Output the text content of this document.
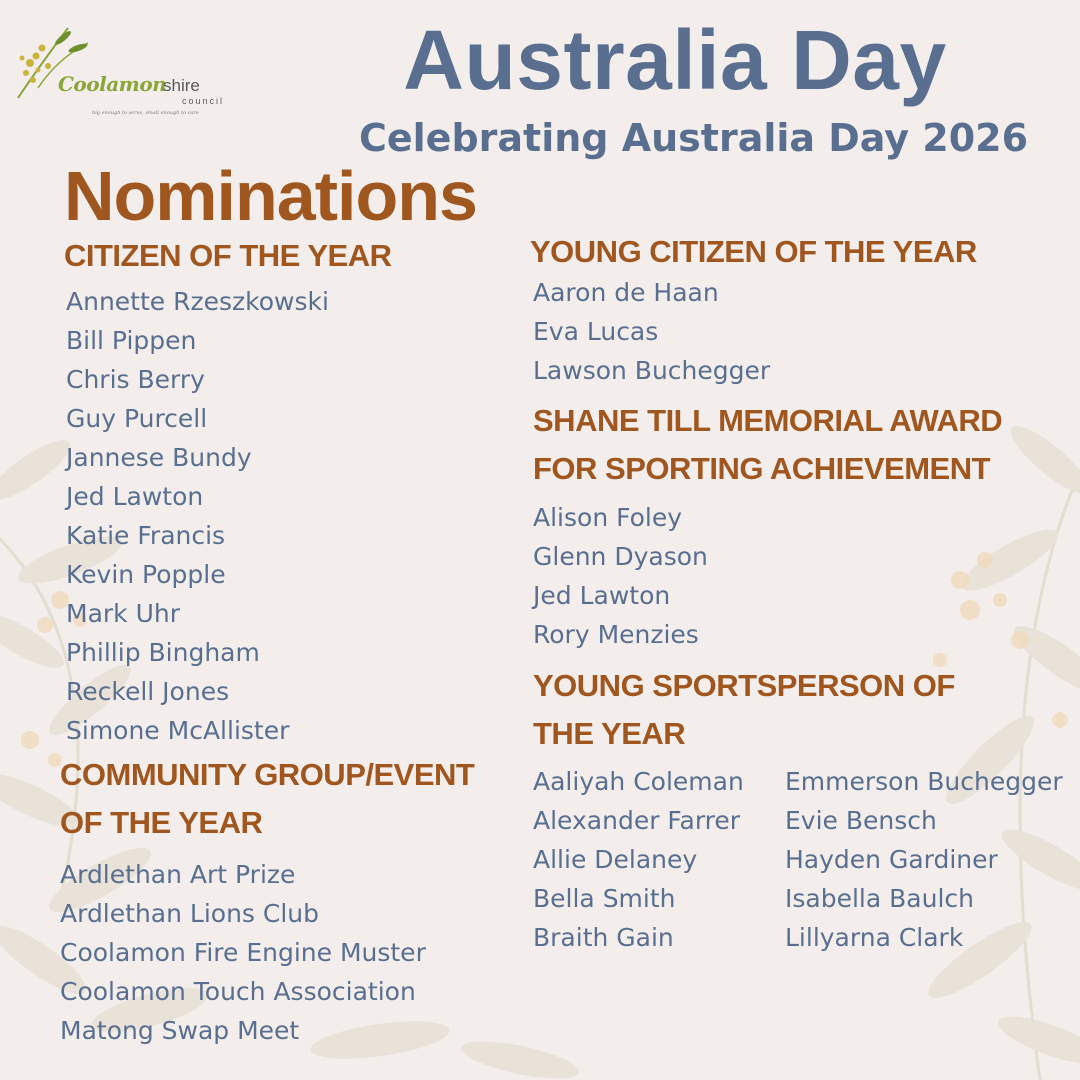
Coolamon
shire
council
big enough to serve, small enough to care
Australia Day
Celebrating Australia Day 2026
Nominations
CITIZEN OF THE YEAR
Annette Rzeszkowski
Bill Pippen
Chris Berry
Guy Purcell
Jannese Bundy
Jed Lawton
Katie Francis
Kevin Popple
Mark Uhr
Phillip Bingham
Reckell Jones
Simone McAllister
COMMUNITY GROUP/EVENT
OF THE YEAR
Ardlethan Art Prize
Ardlethan Lions Club
Coolamon Fire Engine Muster
Coolamon Touch Association
Matong Swap Meet
YOUNG CITIZEN OF THE YEAR
Aaron de Haan
Eva Lucas
Lawson Buchegger
SHANE TILL MEMORIAL AWARD
FOR SPORTING ACHIEVEMENT
Alison Foley
Glenn Dyason
Jed Lawton
Rory Menzies
YOUNG SPORTSPERSON OF
THE YEAR
Aaliyah Coleman
Alexander Farrer
Allie Delaney
Bella Smith
Braith Gain
Emmerson Buchegger
Evie Bensch
Hayden Gardiner
Isabella Baulch
Lillyarna Clark
